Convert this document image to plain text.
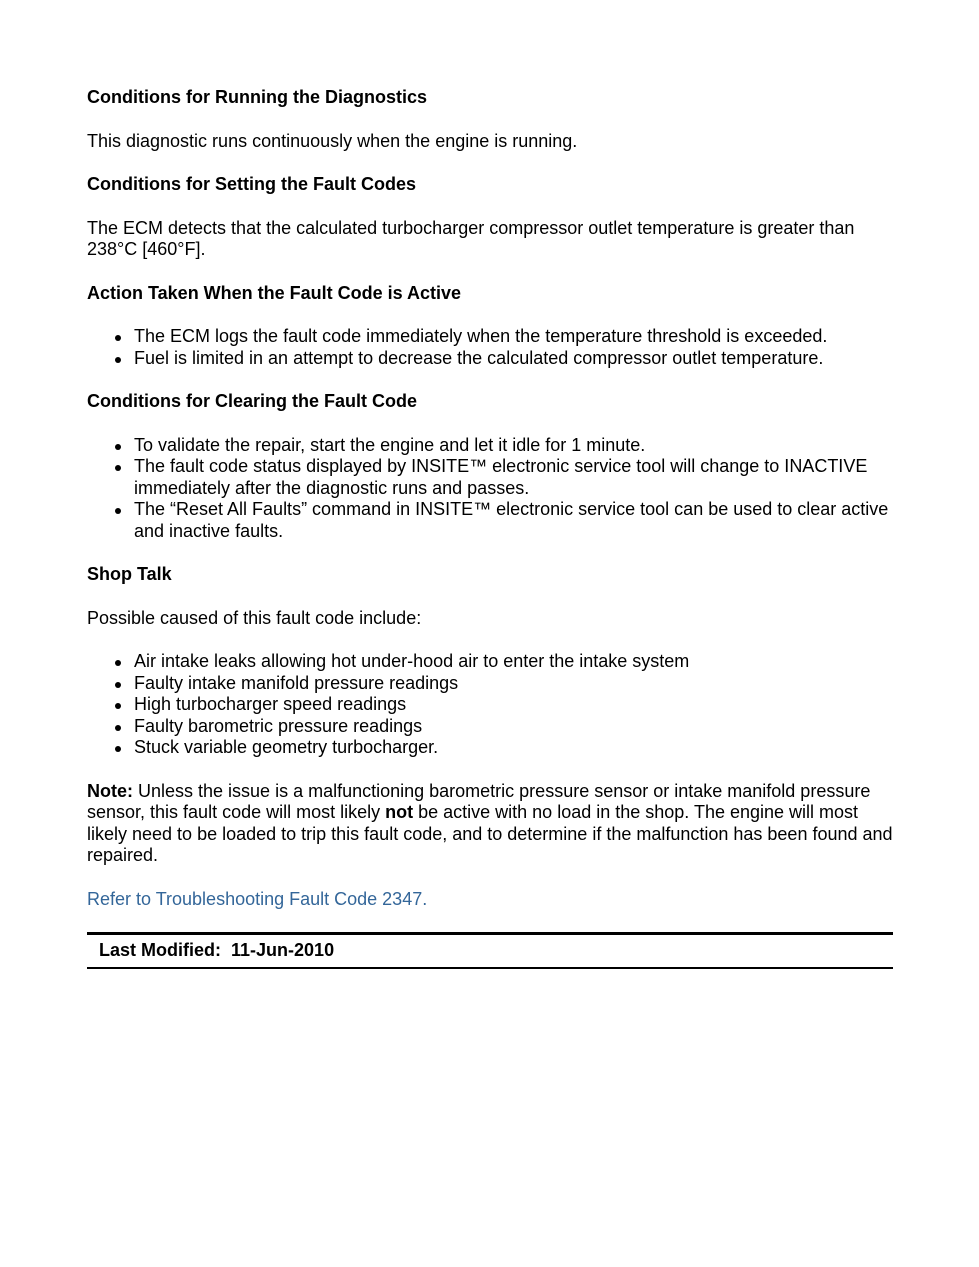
Conditions for Running the Diagnostics

This diagnostic runs continuously when the engine is running.

Conditions for Setting the Fault Codes

The ECM detects that the calculated turbocharger compressor outlet temperature is greater than 238°C [460°F].

Action Taken When the Fault Code is Active

The ECM logs the fault code immediately when the temperature threshold is exceeded.
Fuel is limited in an attempt to decrease the calculated compressor outlet temperature.

Conditions for Clearing the Fault Code

To validate the repair, start the engine and let it idle for 1 minute.
The fault code status displayed by INSITE™ electronic service tool will change to INACTIVE immediately after the diagnostic runs and passes.
The “Reset All Faults” command in INSITE™ electronic service tool can be used to clear active and inactive faults.

Shop Talk

Possible caused of this fault code include:

Air intake leaks allowing hot under-hood air to enter the intake system
Faulty intake manifold pressure readings
High turbocharger speed readings
Faulty barometric pressure readings
Stuck variable geometry turbocharger.

Note: Unless the issue is a malfunctioning barometric pressure sensor or intake manifold pressure sensor, this fault code will most likely not be active with no load in the shop. The engine will most likely need to be loaded to trip this fault code, and to determine if the malfunction has been found and repaired.

Refer to Troubleshooting Fault Code 2347.

Last Modified: 11-Jun-2010
